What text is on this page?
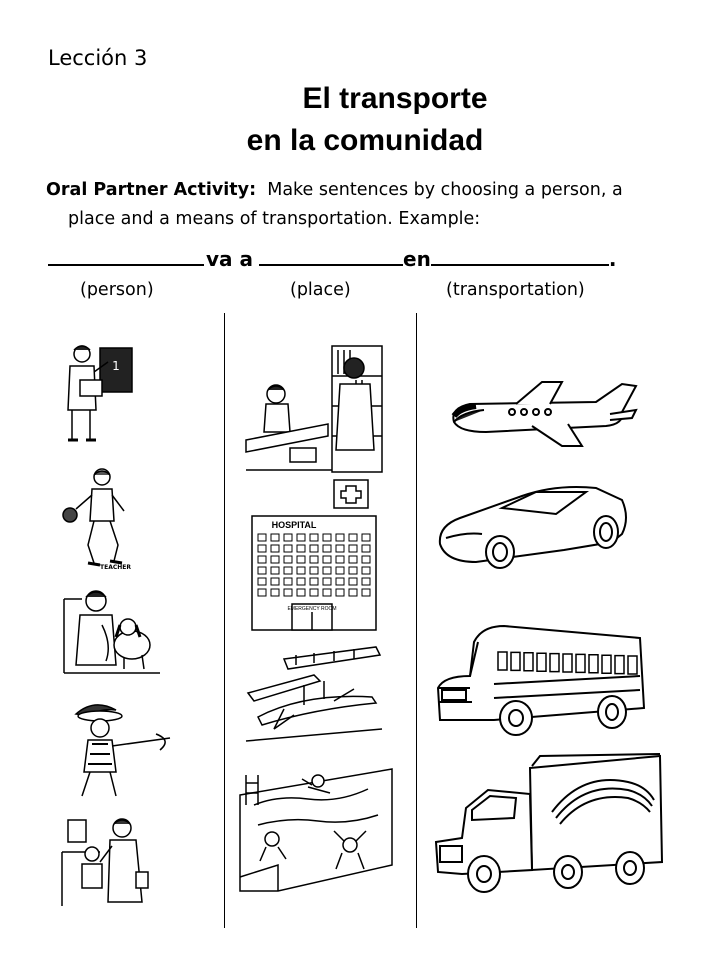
Lección 3
El transporte
en la comunidad
Oral Partner Activity: Make sentences by choosing a person, a
place and a means of transportation. Example:
va a	en	.
(person)	(place)	(transportation)
1
TEACHER
HOSPITAL
EMERGENCY ROOM
